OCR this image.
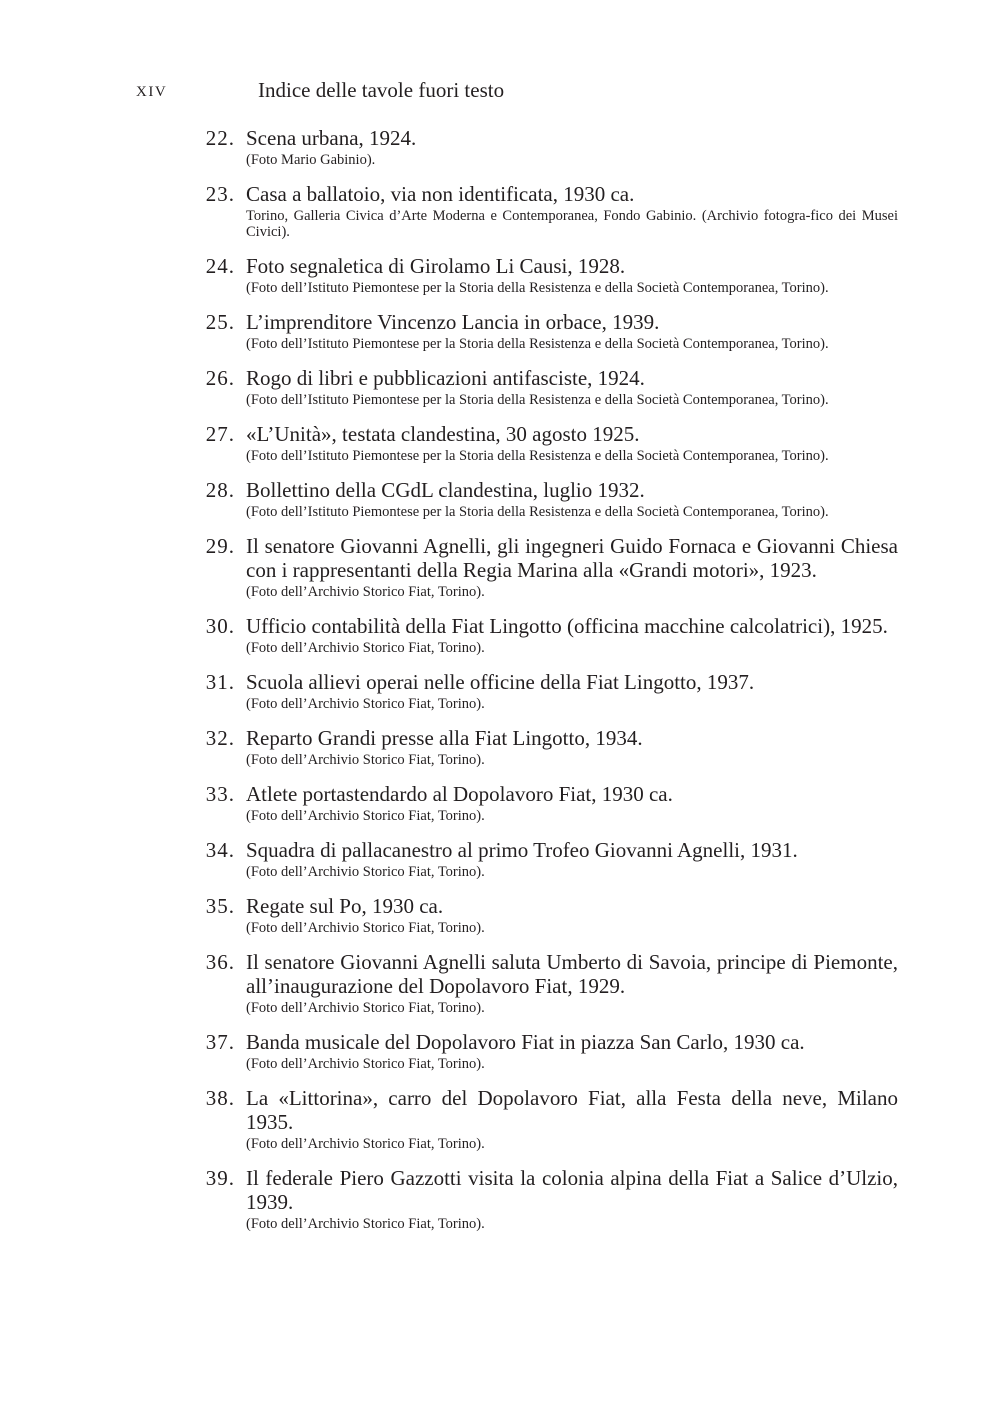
XIV	Indice delle tavole fuori testo
22. Scena urbana, 1924.
(Foto Mario Gabinio).
23. Casa a ballatoio, via non identificata, 1930 ca.
Torino, Galleria Civica d’Arte Moderna e Contemporanea, Fondo Gabinio. (Archivio fotogra-fico dei Musei Civici).
24. Foto segnaletica di Girolamo Li Causi, 1928.
(Foto dell’Istituto Piemontese per la Storia della Resistenza e della Società Contemporanea, Torino).
25. L’imprenditore Vincenzo Lancia in orbace, 1939.
(Foto dell’Istituto Piemontese per la Storia della Resistenza e della Società Contemporanea, Torino).
26. Rogo di libri e pubblicazioni antifasciste, 1924.
(Foto dell’Istituto Piemontese per la Storia della Resistenza e della Società Contemporanea, Torino).
27. «L’Unità», testata clandestina, 30 agosto 1925.
(Foto dell’Istituto Piemontese per la Storia della Resistenza e della Società Contemporanea, Torino).
28. Bollettino della CGdL clandestina, luglio 1932.
(Foto dell’Istituto Piemontese per la Storia della Resistenza e della Società Contemporanea, Torino).
29. Il senatore Giovanni Agnelli, gli ingegneri Guido Fornaca e Giovanni Chiesa con i rappresentanti della Regia Marina alla «Grandi motori», 1923.
(Foto dell’Archivio Storico Fiat, Torino).
30. Ufficio contabilità della Fiat Lingotto (officina macchine calcolatrici), 1925.
(Foto dell’Archivio Storico Fiat, Torino).
31. Scuola allievi operai nelle officine della Fiat Lingotto, 1937.
(Foto dell’Archivio Storico Fiat, Torino).
32. Reparto Grandi presse alla Fiat Lingotto, 1934.
(Foto dell’Archivio Storico Fiat, Torino).
33. Atlete portastendardo al Dopolavoro Fiat, 1930 ca.
(Foto dell’Archivio Storico Fiat, Torino).
34. Squadra di pallacanestro al primo Trofeo Giovanni Agnelli, 1931.
(Foto dell’Archivio Storico Fiat, Torino).
35. Regate sul Po, 1930 ca.
(Foto dell’Archivio Storico Fiat, Torino).
36. Il senatore Giovanni Agnelli saluta Umberto di Savoia, principe di Piemonte, all’inaugurazione del Dopolavoro Fiat, 1929.
(Foto dell’Archivio Storico Fiat, Torino).
37. Banda musicale del Dopolavoro Fiat in piazza San Carlo, 1930 ca.
(Foto dell’Archivio Storico Fiat, Torino).
38. La «Littorina», carro del Dopolavoro Fiat, alla Festa della neve, Milano 1935.
(Foto dell’Archivio Storico Fiat, Torino).
39. Il federale Piero Gazzotti visita la colonia alpina della Fiat a Salice d’Ulzio, 1939.
(Foto dell’Archivio Storico Fiat, Torino).
